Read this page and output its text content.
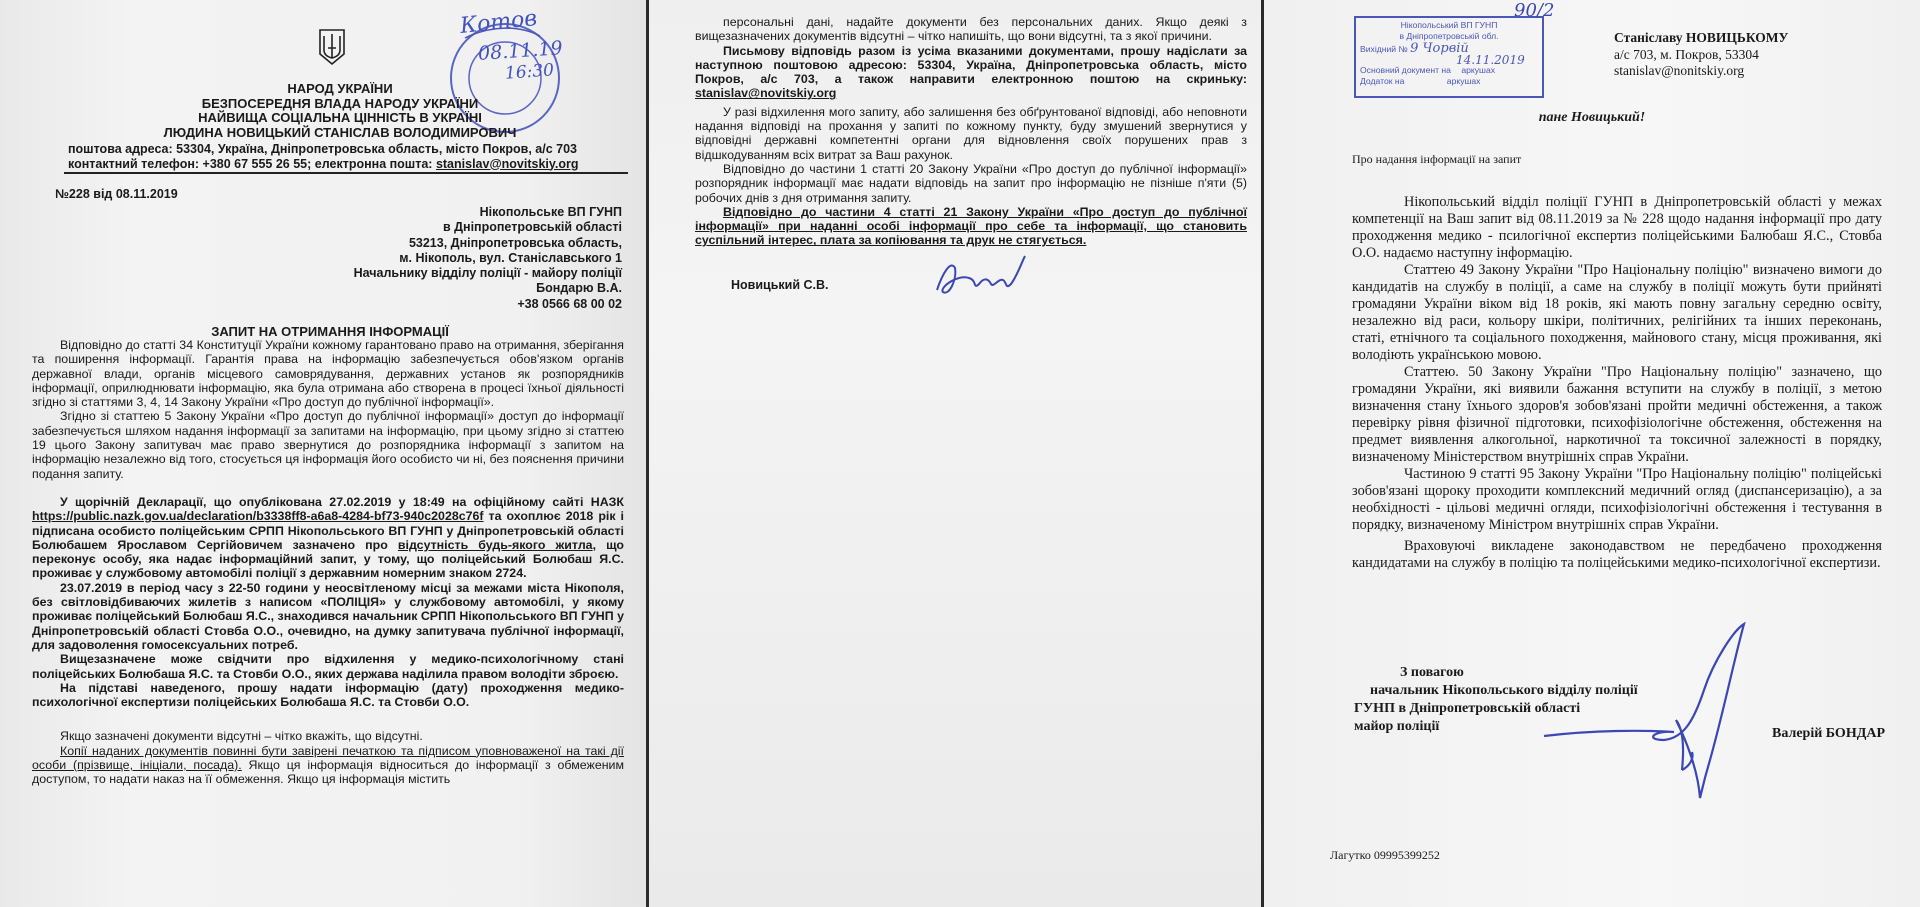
Котов
08.11.19
16:30
НАРОД УКРАЇНИ
БЕЗПОСЕРЕДНЯ ВЛАДА НАРОДУ УКРАЇНИ
НАЙВИЩА СОЦІАЛЬНА ЦІННІСТЬ В УКРАЇНІ
ЛЮДИНА НОВИЦЬКИЙ СТАНІСЛАВ ВОЛОДИМИРОВИЧ
поштова адреса: 53304, Україна, Дніпропетровська область, місто Покров, а/с 703
контактний телефон: +380 67 555 26 55; електронна пошта: stanislav@novitskiy.org
№228 від 08.11.2019
Нікопольське ВП ГУНП
в Дніпропетровській області
53213, Дніпропетровська область,
м. Нікополь, вул. Станіславського 1
Начальнику відділу поліції - майору поліції
Бондарю В.А.
+38 0566 68 00 02
ЗАПИТ НА ОТРИМАННЯ ІНФОРМАЦІЇ

Відповідно до статті 34 Конституції України кожному гарантовано право на отримання, зберігання та поширення інформації. Гарантія права на інформацію забезпечується обов'язком органів державної влади, органів місцевого самоврядування, державних установ як розпорядників інформації, оприлюднювати інформацію, яка була отримана або створена в процесі їхньої діяльності згідно зі статтями 3, 4, 14 Закону України «Про доступ до публічної інформації».

Згідно зі статтею 5 Закону України «Про доступ до публічної інформації» доступ до інформації забезпечується шляхом надання інформації за запитами на інформацію, при цьому згідно зі статтею 19 цього Закону запитувач має право звернутися до розпорядника інформації з запитом на інформацію незалежно від того, стосується ця інформація його особисто чи ні, без пояснення причини подання запиту.

У щорічній Декларації, що опублікована 27.02.2019 у 18:49 на офіційному сайті НАЗК https://public.nazk.gov.ua/declaration/b3338ff8-a6a8-4284-bf73-940c2028c76f та охоплює 2018 рік і підписана особисто поліцейським СРПП Нікопольського ВП ГУНП у Дніпропетровській області Болюбашем Ярославом Сергійовичем зазначено про відсутність будь-якого житла, що переконує особу, яка надає інформаційний запит, у тому, що поліцейський Болюбаш Я.С. проживає у службовому автомобілі поліції з державним номерним знаком 2724.

23.07.2019 в період часу з 22-50 години у неосвітленому місці за межами міста Нікополя, без світловідбиваючих жилетів з написом «ПОЛІЦІЯ» у службовому автомобілі, у якому проживає поліцейський Болюбаш Я.С., знаходився начальник СРПП Нікопольського ВП ГУНП у Дніпропетровській області Стовба О.О., очевидно, на думку запитувача публічної інформації, для задоволення гомосексуальних потреб.

Вищезазначене може свідчити про відхилення у медико-психологічному стані поліцейських Болюбаша Я.С. та Стовби О.О., яких держава наділила правом володіти зброєю.

На підставі наведеного, прошу надати інформацію (дату) проходження медико-психологічної експертизи поліцейських Болюбаша Я.С. та Стовби О.О.

Якщо зазначені документи відсутні – чітко вкажіть, що відсутні.

Копії наданих документів повинні бути завірені печаткою та підписом уповноваженої на такі дії особи (прізвище, ініціали, посада). Якщо ця інформація відноситься до інформації з обмеженим доступом, то надати наказ на її обмеження. Якщо ця інформація містить

персональні дані, надайте документи без персональних даних. Якщо деякі з вищезазначених документів відсутні – чітко напишіть, що вони відсутні, та з якої причини.

Письмову відповідь разом із усіма вказаними документами, прошу надіслати за наступною поштовою адресою: 53304, Україна, Дніпропетровська область, місто Покров, а/с 703, а також направити електронною поштою на скриньку: stanislav@novitskiy.org

У разі відхилення мого запиту, або залишення без обґрунтованої відповіді, або неповноти надання відповіді на прохання у запиті по кожному пункту, буду змушений звернутися у відповідні державні компетентні органи для відновлення своїх порушених прав з відшкодуванням всіх витрат за Ваш рахунок.

Відповідно до частини 1 статті 20 Закону України «Про доступ до публічної інформації» розпорядник інформації має надати відповідь на запит про інформацію не пізніше п'яти (5) робочих днів з дня отримання запиту.

Відповідно до частини 4 статті 21 Закону України «Про доступ до публічної інформації» при наданні особі інформації про себе та інформації, що становить суспільний інтерес, плата за копіювання та друк не стягується.

Новицький С.В.
Нікопольський ВП ГУНП
в Дніпропетровській обл.
Вихідний № 9 Чорвій
14.11.2019
Основний документ на аркушах
Додаток на	аркушах
90/2
Станіславу НОВИЦЬКОМУ
а/с 703, м. Покров, 53304
stanislav@nonitskiy.org
пане Новицький!
Про надання інформації на запит

Нікопольський відділ поліції ГУНП в Дніпропетровській області у межах компетенції на Ваш запит від 08.11.2019 за № 228 щодо надання інформації про дату проходження медико - псилогічної експертиз поліцейськими Балюбаш Я.С., Стовба О.О. надаємо наступну інформацію.

Статтею 49 Закону України "Про Національну поліцію" визначено вимоги до кандидатів на службу в поліції, а саме на службу в поліції можуть бути прийняті громадяни України віком від 18 років, які мають повну загальну середню освіту, незалежно від раси, кольору шкіри, політичних, релігійних та інших переконань, статі, етнічного та соціального походження, майнового стану, місця проживання, які володіють українською мовою.

Статтею. 50 Закону України "Про Національну поліцію" зазначено, що громадяни України, які виявили бажання вступити на службу в поліції, з метою визначення стану їхнього здоров'я зобов'язані пройти медичні обстеження, а також перевірку рівня фізичної підготовки, психофізіологічне обстеження, обстеження на предмет виявлення алкогольної, наркотичної та токсичної залежності в порядку, визначеному Міністерством внутрішніх справ України.

Частиною 9 статті 95 Закону України "Про Національну поліцію" поліцейські зобов'язані щороку проходити комплексний медичний огляд (диспансеризацію), а за необхідності - цільові медичні огляди, психофізіологічні обстеження і тестування в порядку, визначеному Міністром внутрішніх справ України.

Враховуючі викладене законодавством не передбачено проходження кандидатами на службу в поліцію та поліцейськими медико-психологічної експертизи.

З повагою
начальник Нікопольського відділу поліції
ГУНП в Дніпропетровській області
майор поліції	Валерій БОНДАР
Лагутко 09995399252
